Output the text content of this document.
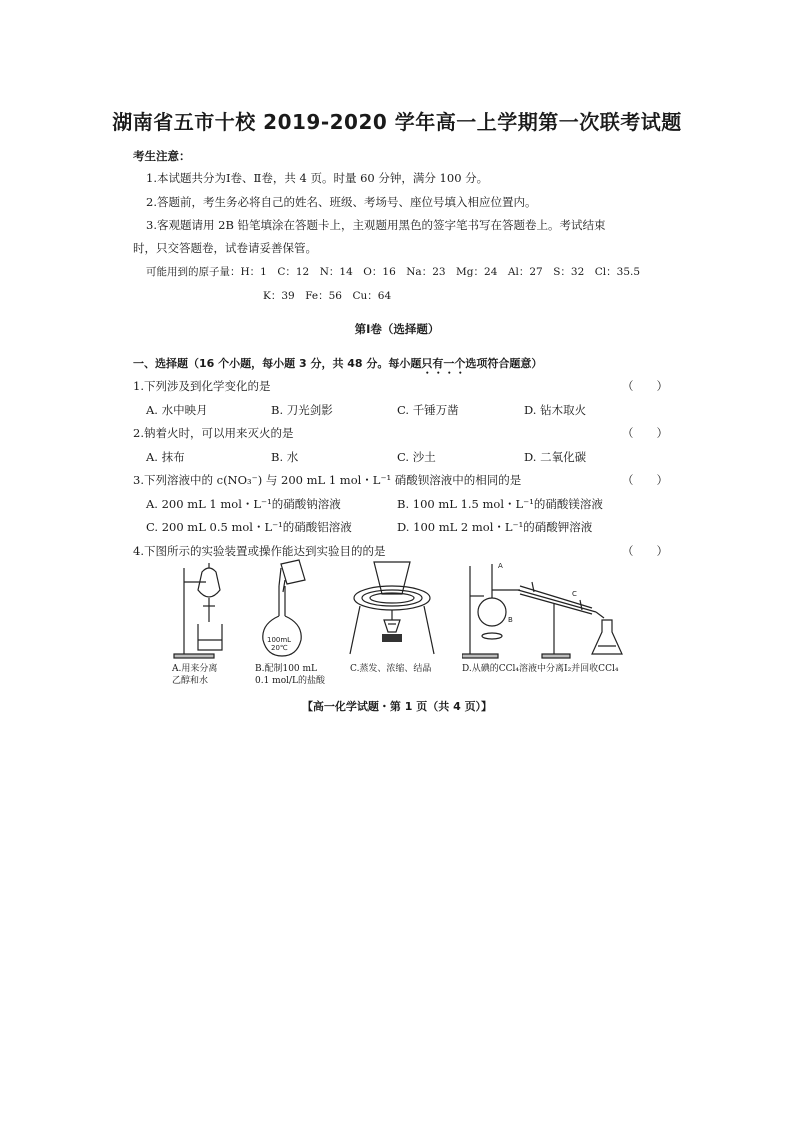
湖南省五市十校 2019-2020 学年高一上学期第一次联考试题
考生注意：
1.本试题共分为Ⅰ卷、Ⅱ卷，共 4 页。时量 60 分钟，满分 100 分。
2.答题前，考生务必将自己的姓名、班级、考场号、座位号填入相应位置内。
3.客观题请用 2B 铅笔填涂在答题卡上，主观题用黑色的签字笔书写在答题卷上。考试结束
时，只交答题卷，试卷请妥善保管。
可能用到的原子量：H：1　C：12　N：14　O：16　Na：23　Mg：24　Al：27　S：32　Cl：35.5
K：39　Fe：56　Cu：64
第Ⅰ卷（选择题）
一、选择题（16 个小题，每小题 3 分，共 48 分。每小题只有一个选项符合题意）
1.下列涉及到化学变化的是	（　　）
A. 水中映月	B. 刀光剑影	C. 千锤万凿	D. 钻木取火
2.钠着火时，可以用来灭火的是	（　　）
A. 抹布	B. 水	C. 沙土	D. 二氧化碳
3.下列溶液中的 c(NO₃⁻) 与 200 mL 1 mol・L⁻¹ 硝酸钡溶液中的相同的是	（　　）
A. 200 mL 1 mol・L⁻¹的硝酸钠溶液	B. 100 mL 1.5 mol・L⁻¹的硝酸镁溶液
C. 200 mL 0.5 mol・L⁻¹的硝酸铝溶液	D. 100 mL 2 mol・L⁻¹的硝酸钾溶液
4.下图所示的实验装置或操作能达到实验目的的是	（　　）
A.用来分离
乙醇和水
100mL
20℃
B.配制100 mL
0.1 mol/L的盐酸
C.蒸发、浓缩、结晶
A
B
C
D.从碘的CCl₄溶液中分离I₂并回收CCl₄
【高一化学试题・第 1 页（共 4 页）】
